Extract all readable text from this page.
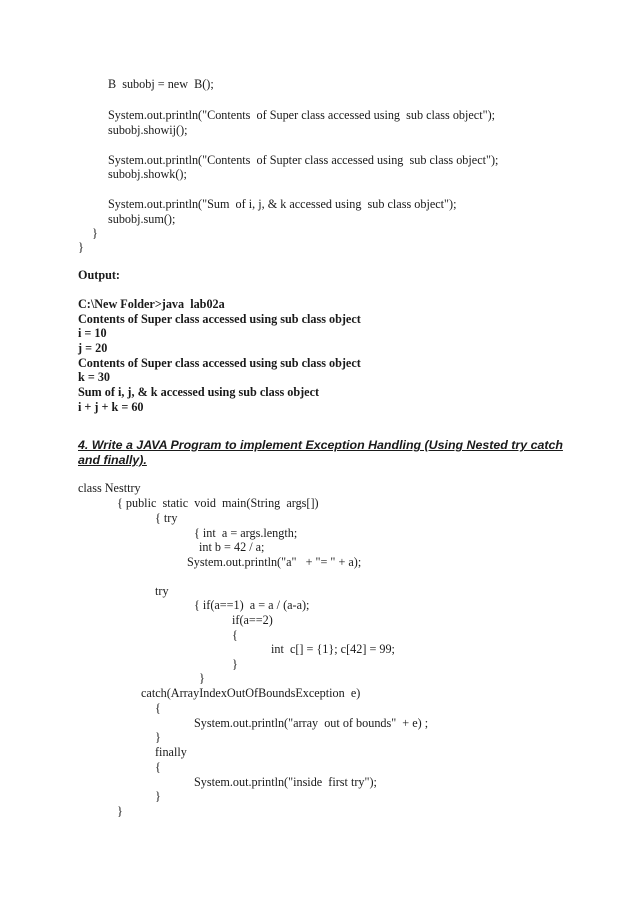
B  subobj = new  B();
System.out.println("Contents  of Super class accessed using  sub class object");
subobj.showij();
System.out.println("Contents  of Supter class accessed using  sub class object");
subobj.showk();
System.out.println("Sum  of i, j, & k accessed using  sub class object");
subobj.sum();
}
}
Output:
C:\New Folder>java  lab02a
Contents of Super class accessed using sub class object
i = 10
j = 20
Contents of Super class accessed using sub class object
k = 30
Sum of i, j, & k accessed using sub class object
i + j + k = 60
4. Write a JAVA Program to implement Exception Handling (Using Nested try catch
and finally).
class Nesttry
{ public  static  void  main(String  args[])
{ try
{ int  a = args.length;
int b = 42 / a;
System.out.println("a"   + "= " + a);
try
{ if(a==1)  a = a / (a-a);
if(a==2)
{
int  c[] = {1}; c[42] = 99;
}
}
catch(ArrayIndexOutOfBoundsException  e)
{
System.out.println("array  out of bounds"  + e) ;
}
finally
{
System.out.println("inside  first try");
}
}
